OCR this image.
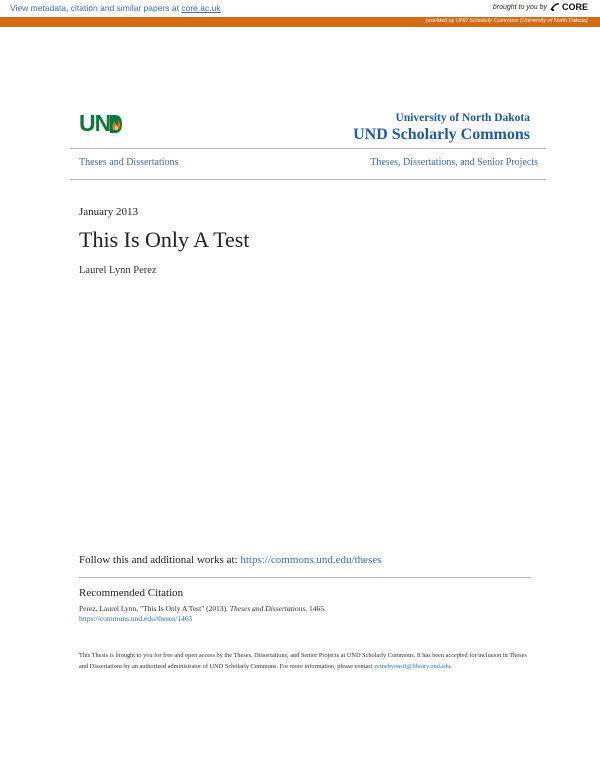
View metadata, citation and similar papers at core.ac.uk	brought to you by CORE
provided by UND Scholarly Commons (University of North Dakota)
UN	University of North Dakota
UND Scholarly Commons
Theses and Dissertations	Theses, Dissertations, and Senior Projects
January 2013
This Is Only A Test
Laurel Lynn Perez
Follow this and additional works at: https://commons.und.edu/theses
Recommended Citation
Perez, Laurel Lynn, "This Is Only A Test" (2013). Theses and Dissertations. 1465.
https://commons.und.edu/theses/1465
This Thesis is brought to you for free and open access by the Theses, Dissertations, and Senior Projects at UND Scholarly Commons. It has been accepted for inclusion in Theses and Dissertations by an authorized administrator of UND Scholarly Commons. For more information, please contact zeinebyousif@library.und.edu.
